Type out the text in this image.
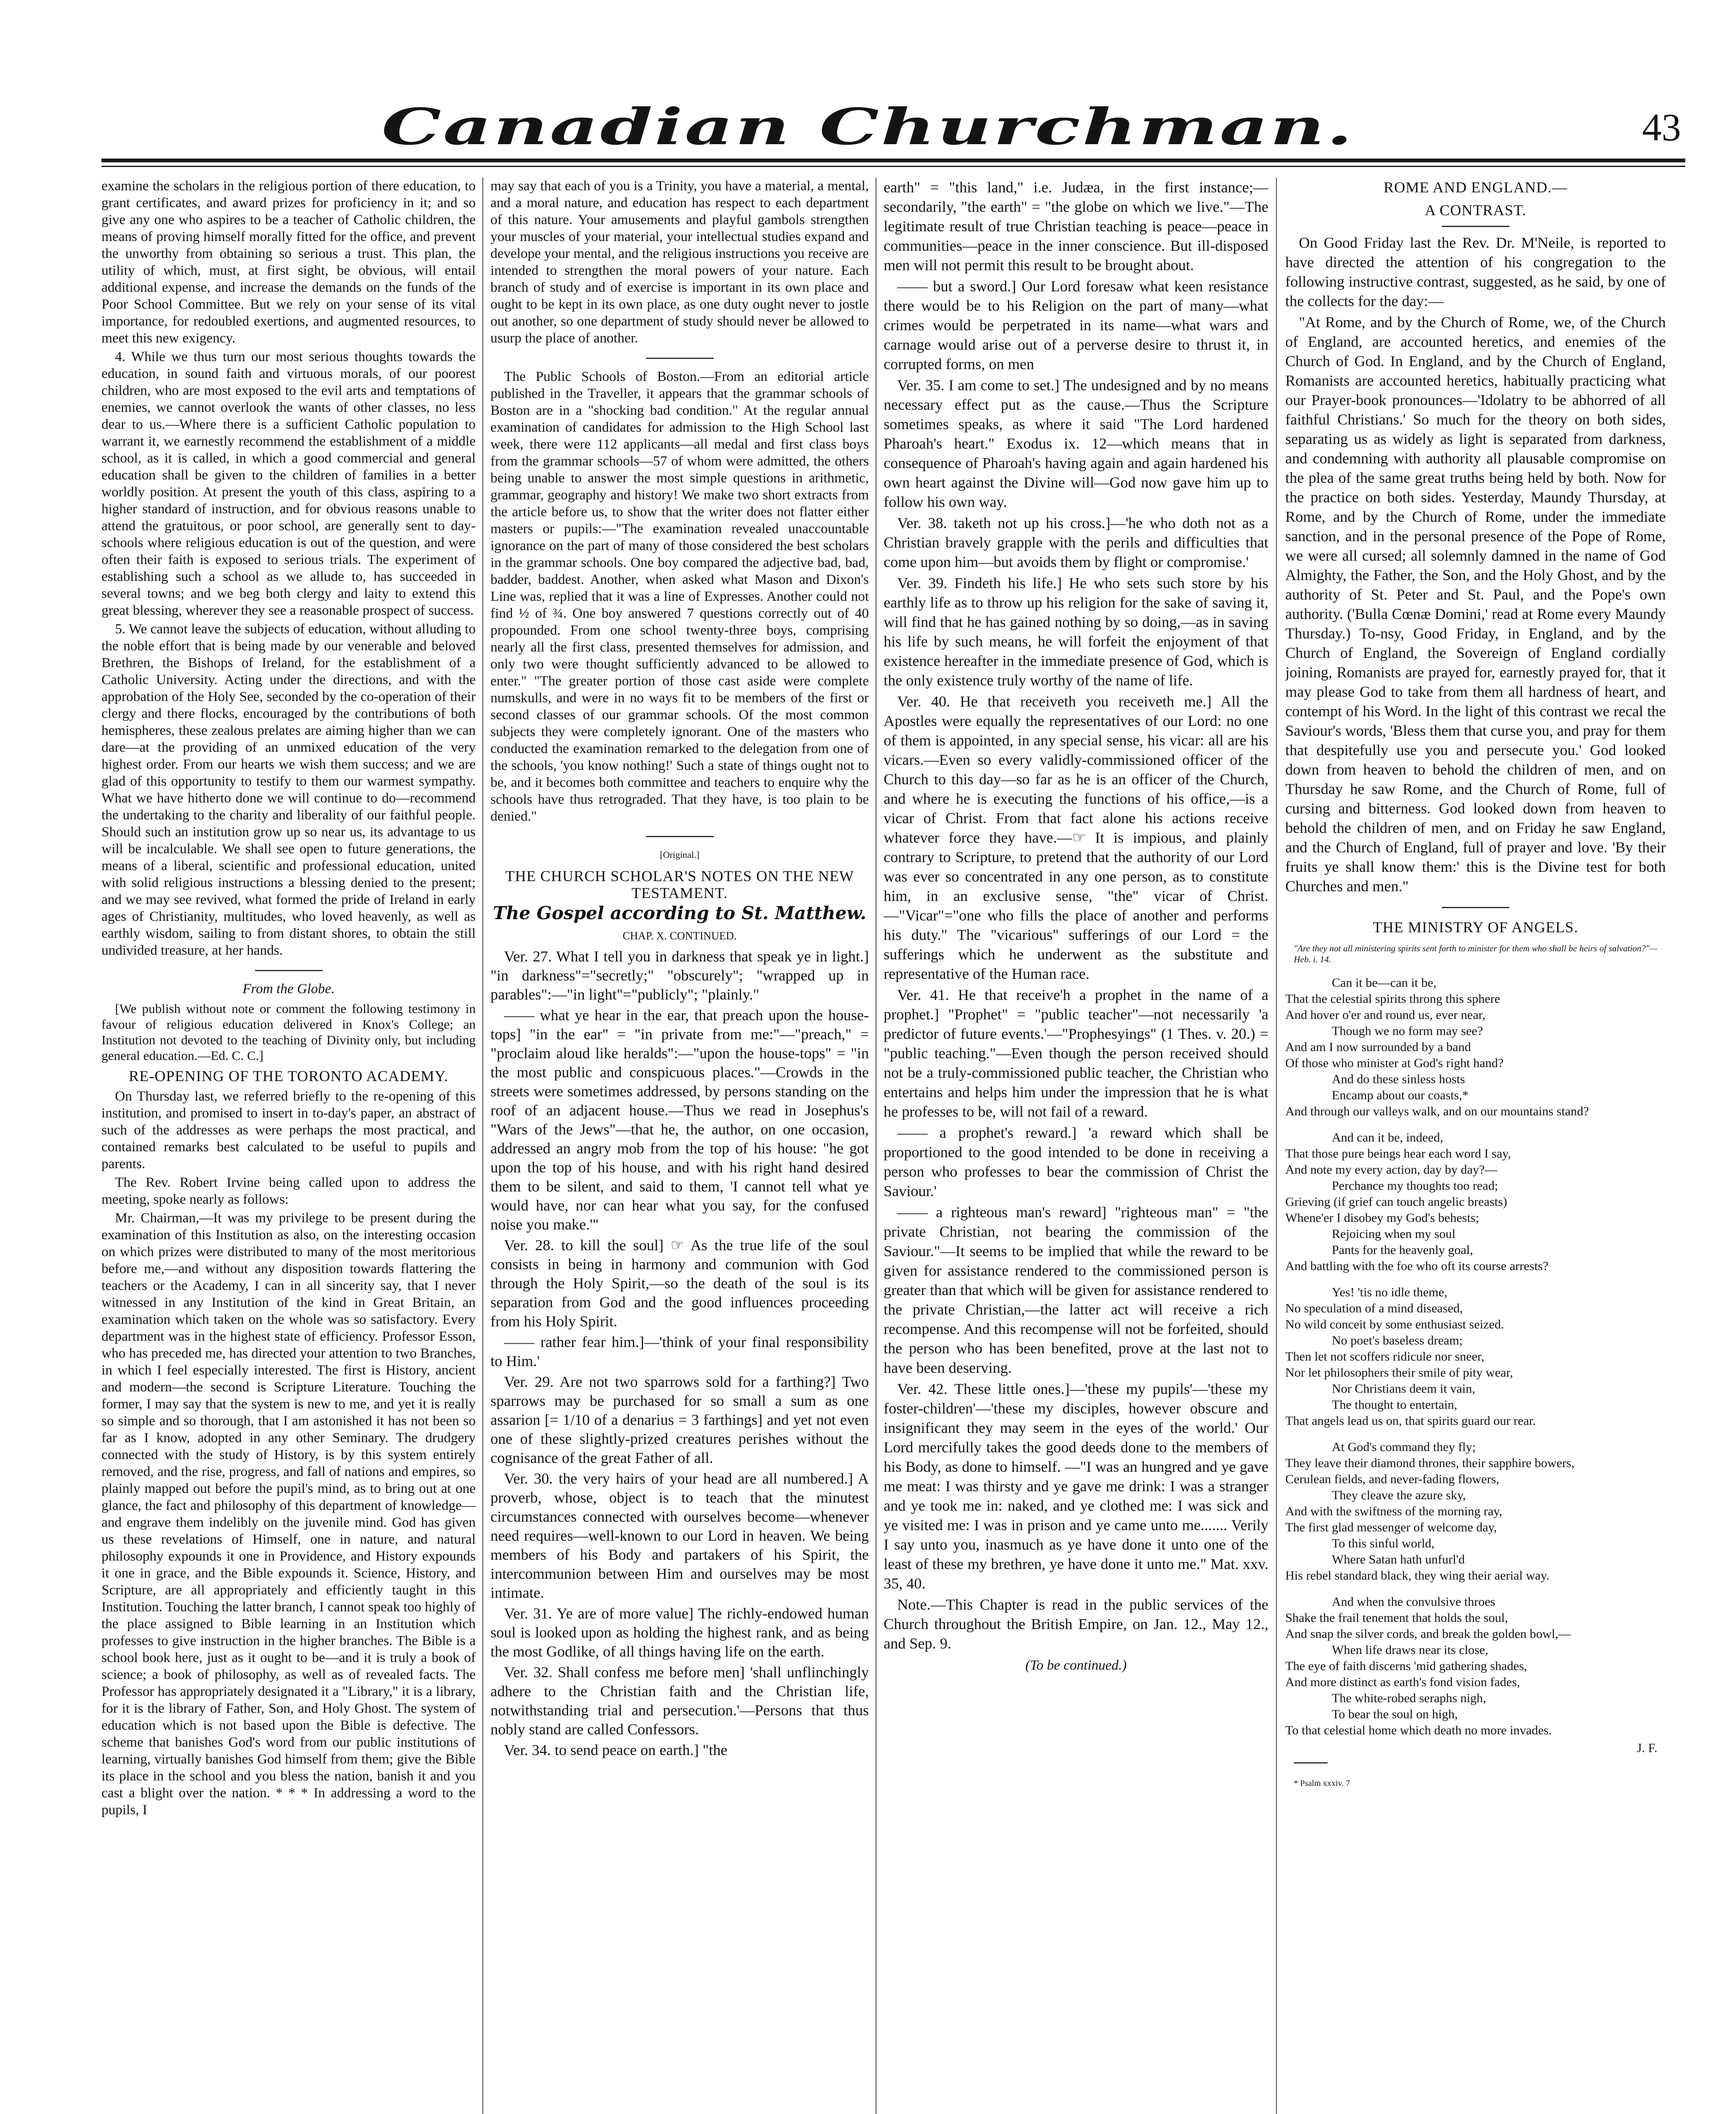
Canadian Churchman.	43

examine the scholars in the religious portion of there education, to grant certificates, and award prizes for proficiency in it; and so give any one who aspires to be a teacher of Catholic children, the means of proving himself morally fitted for the office, and prevent the unworthy from obtaining so serious a trust. This plan, the utility of which, must, at first sight, be obvious, will entail additional expense, and increase the demands on the funds of the Poor School Committee. But we rely on your sense of its vital importance, for redoubled exertions, and augmented resources, to meet this new exigency.

4. While we thus turn our most serious thoughts towards the education, in sound faith and virtuous morals, of our poorest children, who are most exposed to the evil arts and temptations of enemies, we cannot overlook the wants of other classes, no less dear to us.—Where there is a sufficient Catholic population to warrant it, we earnestly recommend the establishment of a middle school, as it is called, in which a good commercial and general education shall be given to the children of families in a better worldly position. At present the youth of this class, aspiring to a higher standard of instruction, and for obvious reasons unable to attend the gratuitous, or poor school, are generally sent to day-schools where religious education is out of the question, and were often their faith is exposed to serious trials. The experiment of establishing such a school as we allude to, has succeeded in several towns; and we beg both clergy and laity to extend this great blessing, wherever they see a reasonable prospect of success.

5. We cannot leave the subjects of education, without alluding to the noble effort that is being made by our venerable and beloved Brethren, the Bishops of Ireland, for the establishment of a Catholic University. Acting under the directions, and with the approbation of the Holy See, seconded by the co-operation of their clergy and there flocks, encouraged by the contributions of both hemispheres, these zealous prelates are aiming higher than we can dare—at the providing of an unmixed education of the very highest order. From our hearts we wish them success; and we are glad of this opportunity to testify to them our warmest sympathy. What we have hitherto done we will continue to do—recommend the undertaking to the charity and liberality of our faithful people. Should such an institution grow up so near us, its advantage to us will be incalculable. We shall see open to future generations, the means of a liberal, scientific and professional education, united with solid religious instructions a blessing denied to the present; and we may see revived, what formed the pride of Ireland in early ages of Christianity, multitudes, who loved heavenly, as well as earthly wisdom, sailing to from distant shores, to obtain the still undivided treasure, at her hands.

From the Globe.

[We publish without note or comment the following testimony in favour of religious education delivered in Knox's College; an Institution not devoted to the teaching of Divinity only, but including general education.—Ed. C. C.]

RE-OPENING OF THE TORONTO ACADEMY.

On Thursday last, we referred briefly to the re-opening of this institution, and promised to insert in to-day's paper, an abstract of such of the addresses as were perhaps the most practical, and contained remarks best calculated to be useful to pupils and parents.

The Rev. Robert Irvine being called upon to address the meeting, spoke nearly as follows:

Mr. Chairman,—It was my privilege to be present during the examination of this Institution as also, on the interesting occasion on which prizes were distributed to many of the most meritorious before me,—and without any disposition towards flattering the teachers or the Academy, I can in all sincerity say, that I never witnessed in any Institution of the kind in Great Britain, an examination which taken on the whole was so satisfactory. Every department was in the highest state of efficiency. Professor Esson, who has preceded me, has directed your attention to two Branches, in which I feel especially interested. The first is History, ancient and modern—the second is Scripture Literature. Touching the former, I may say that the system is new to me, and yet it is really so simple and so thorough, that I am astonished it has not been so far as I know, adopted in any other Seminary. The drudgery connected with the study of History, is by this system entirely removed, and the rise, progress, and fall of nations and empires, so plainly mapped out before the pupil's mind, as to bring out at one glance, the fact and philosophy of this department of knowledge—and engrave them indelibly on the juvenile mind. God has given us these revelations of Himself, one in nature, and natural philosophy expounds it one in Providence, and History expounds it one in grace, and the Bible expounds it. Science, History, and Scripture, are all appropriately and efficiently taught in this Institution. Touching the latter branch, I cannot speak too highly of the place assigned to Bible learning in an Institution which professes to give instruction in the higher branches. The Bible is a school book here, just as it ought to be—and it is truly a book of science; a book of philosophy, as well as of revealed facts. The Professor has appropriately designated it a "Library," it is a library, for it is the library of Father, Son, and Holy Ghost. The system of education which is not based upon the Bible is defective. The scheme that banishes God's word from our public institutions of learning, virtually banishes God himself from them; give the Bible its place in the school and you bless the nation, banish it and you cast a blight over the nation. * * * In addressing a word to the pupils, I

may say that each of you is a Trinity, you have a material, a mental, and a moral nature, and education has respect to each department of this nature. Your amusements and playful gambols strengthen your muscles of your material, your intellectual studies expand and develope your mental, and the religious instructions you receive are intended to strengthen the moral powers of your nature. Each branch of study and of exercise is important in its own place and ought to be kept in its own place, as one duty ought never to jostle out another, so one department of study should never be allowed to usurp the place of another.

The Public Schools of Boston.—From an editorial article published in the Traveller, it appears that the grammar schools of Boston are in a "shocking bad condition." At the regular annual examination of candidates for admission to the High School last week, there were 112 applicants—all medal and first class boys from the grammar schools—57 of whom were admitted, the others being unable to answer the most simple questions in arithmetic, grammar, geography and history! We make two short extracts from the article before us, to show that the writer does not flatter either masters or pupils:—"The examination revealed unaccountable ignorance on the part of many of those considered the best scholars in the grammar schools. One boy compared the adjective bad, bad, badder, baddest. Another, when asked what Mason and Dixon's Line was, replied that it was a line of Expresses. Another could not find ½ of ¾. One boy answered 7 questions correctly out of 40 propounded. From one school twenty-three boys, comprising nearly all the first class, presented themselves for admission, and only two were thought sufficiently advanced to be allowed to enter." "The greater portion of those cast aside were complete numskulls, and were in no ways fit to be members of the first or second classes of our grammar schools. Of the most common subjects they were completely ignorant. One of the masters who conducted the examination remarked to the delegation from one of the schools, 'you know nothing!' Such a state of things ought not to be, and it becomes both committee and teachers to enquire why the schools have thus retrograded. That they have, is too plain to be denied."

[Original.]
THE CHURCH SCHOLAR'S NOTES ON THE NEW TESTAMENT.
The Gospel according to St. Matthew.
CHAP. X. CONTINUED.

Ver. 27. What I tell you in darkness that speak ye in light.] "in darkness"="secretly;" "obscurely"; "wrapped up in parables":—"in light"="publicly"; "plainly."

—— what ye hear in the ear, that preach upon the house-tops] "in the ear" = "in private from me:"—"preach," = "proclaim aloud like heralds":—"upon the house-tops" = "in the most public and conspicuous places."—Crowds in the streets were sometimes addressed, by persons standing on the roof of an adjacent house.—Thus we read in Josephus's "Wars of the Jews"—that he, the author, on one occasion, addressed an angry mob from the top of his house: "he got upon the top of his house, and with his right hand desired them to be silent, and said to them, 'I cannot tell what ye would have, nor can hear what you say, for the confused noise you make.'"

Ver. 28. to kill the soul] ☞ As the true life of the soul consists in being in harmony and communion with God through the Holy Spirit,—so the death of the soul is its separation from God and the good influences proceeding from his Holy Spirit.

—— rather fear him.]—'think of your final responsibility to Him.'

Ver. 29. Are not two sparrows sold for a farthing?] Two sparrows may be purchased for so small a sum as one assarion [= 1/10 of a denarius = 3 farthings] and yet not even one of these slightly-prized creatures perishes without the cognisance of the great Father of all.

Ver. 30. the very hairs of your head are all numbered.] A proverb, whose, object is to teach that the minutest circumstances connected with ourselves become—whenever need requires—well-known to our Lord in heaven. We being members of his Body and partakers of his Spirit, the intercommunion between Him and ourselves may be most intimate.

Ver. 31. Ye are of more value] The richly-endowed human soul is looked upon as holding the highest rank, and as being the most Godlike, of all things having life on the earth.

Ver. 32. Shall confess me before men] 'shall unflinchingly adhere to the Christian faith and the Christian life, notwithstanding trial and persecution.'—Persons that thus nobly stand are called Confessors.

Ver. 34. to send peace on earth.] "the

earth" = "this land," i.e. Judæa, in the first instance;—secondarily, "the earth" = "the globe on which we live."—The legitimate result of true Christian teaching is peace—peace in communities—peace in the inner conscience. But ill-disposed men will not permit this result to be brought about.

—— but a sword.] Our Lord foresaw what keen resistance there would be to his Religion on the part of many—what crimes would be perpetrated in its name—what wars and carnage would arise out of a perverse desire to thrust it, in corrupted forms, on men

Ver. 35. I am come to set.] The undesigned and by no means necessary effect put as the cause.—Thus the Scripture sometimes speaks, as where it said "The Lord hardened Pharoah's heart." Exodus ix. 12—which means that in consequence of Pharoah's having again and again hardened his own heart against the Divine will—God now gave him up to follow his own way.

Ver. 38. taketh not up his cross.]—'he who doth not as a Christian bravely grapple with the perils and difficulties that come upon him—but avoids them by flight or compromise.'

Ver. 39. Findeth his life.] He who sets such store by his earthly life as to throw up his religion for the sake of saving it, will find that he has gained nothing by so doing,—as in saving his life by such means, he will forfeit the enjoyment of that existence hereafter in the immediate presence of God, which is the only existence truly worthy of the name of life.

Ver. 40. He that receiveth you receiveth me.] All the Apostles were equally the representatives of our Lord: no one of them is appointed, in any special sense, his vicar: all are his vicars.—Even so every validly-commissioned officer of the Church to this day—so far as he is an officer of the Church, and where he is executing the functions of his office,—is a vicar of Christ. From that fact alone his actions receive whatever force they have.—☞ It is impious, and plainly contrary to Scripture, to pretend that the authority of our Lord was ever so concentrated in any one person, as to constitute him, in an exclusive sense, "the" vicar of Christ.—"Vicar"="one who fills the place of another and performs his duty." The "vicarious" sufferings of our Lord = the sufferings which he underwent as the substitute and representative of the Human race.

Ver. 41. He that receive'h a prophet in the name of a prophet.] "Prophet" = "public teacher"—not necessarily 'a predictor of future events.'—"Prophesyings" (1 Thes. v. 20.) = "public teaching."—Even though the person received should not be a truly-commissioned public teacher, the Christian who entertains and helps him under the impression that he is what he professes to be, will not fail of a reward.

—— a prophet's reward.] 'a reward which shall be proportioned to the good intended to be done in receiving a person who professes to bear the commission of Christ the Saviour.'

—— a righteous man's reward] "righteous man" = "the private Christian, not bearing the commission of the Saviour."—It seems to be implied that while the reward to be given for assistance rendered to the commissioned person is greater than that which will be given for assistance rendered to the private Christian,—the latter act will receive a rich recompense. And this recompense will not be forfeited, should the person who has been benefited, prove at the last not to have been deserving.

Ver. 42. These little ones.]—'these my pupils'—'these my foster-children'—'these my disciples, however obscure and insignificant they may seem in the eyes of the world.' Our Lord mercifully takes the good deeds done to the members of his Body, as done to himself. —"I was an hungred and ye gave me meat: I was thirsty and ye gave me drink: I was a stranger and ye took me in: naked, and ye clothed me: I was sick and ye visited me: I was in prison and ye came unto me....... Verily I say unto you, inasmuch as ye have done it unto one of the least of these my brethren, ye have done it unto me." Mat. xxv. 35, 40.

Note.—This Chapter is read in the public services of the Church throughout the British Empire, on Jan. 12., May 12., and Sep. 9.

(To be continued.)
ROME AND ENGLAND.—
A CONTRAST.

On Good Friday last the Rev. Dr. M'Neile, is reported to have directed the attention of his congregation to the following instructive contrast, suggested, as he said, by one of the collects for the day:—

"At Rome, and by the Church of Rome, we, of the Church of England, are accounted heretics, and enemies of the Church of God. In England, and by the Church of England, Romanists are accounted heretics, habitually practicing what our Prayer-book pronounces—'Idolatry to be abhorred of all faithful Christians.' So much for the theory on both sides, separating us as widely as light is separated from darkness, and condemning with authority all plausable compromise on the plea of the same great truths being held by both. Now for the practice on both sides. Yesterday, Maundy Thursday, at Rome, and by the Church of Rome, under the immediate sanction, and in the personal presence of the Pope of Rome, we were all cursed; all solemnly damned in the name of God Almighty, the Father, the Son, and the Holy Ghost, and by the authority of St. Peter and St. Paul, and the Pope's own authority. ('Bulla Cœnæ Domini,' read at Rome every Maundy Thursday.) To-nsy, Good Friday, in England, and by the Church of England, the Sovereign of England cordially joining, Romanists are prayed for, earnestly prayed for, that it may please God to take from them all hardness of heart, and contempt of his Word. In the light of this contrast we recal the Saviour's words, 'Bless them that curse you, and pray for them that despitefully use you and persecute you.' God looked down from heaven to behold the children of men, and on Thursday he saw Rome, and the Church of Rome, full of cursing and bitterness. God looked down from heaven to behold the children of men, and on Friday he saw England, and the Church of England, full of prayer and love. 'By their fruits ye shall know them:' this is the Divine test for both Churches and men."

THE MINISTRY OF ANGELS.

"Are they not all ministering spirits sent forth to minister for them who shall be heirs of salvation?"—Heb. i. 14.

Can it be—can it be,

That the celestial spirits throng this sphere

And hover o'er and round us, ever near,

Though we no form may see?

And am I now surrounded by a band

Of those who minister at God's right hand?

And do these sinless hosts

Encamp about our coasts,*

And through our valleys walk, and on our mountains stand?

And can it be, indeed,

That those pure beings hear each word I say,

And note my every action, day by day?—

Perchance my thoughts too read;

Grieving (if grief can touch angelic breasts)

Whene'er I disobey my God's behests;

Rejoicing when my soul

Pants for the heavenly goal,

And battling with the foe who oft its course arrests?

Yes! 'tis no idle theme,

No speculation of a mind diseased,

No wild conceit by some enthusiast seized.

No poet's baseless dream;

Then let not scoffers ridicule nor sneer,

Nor let philosophers their smile of pity wear,

Nor Christians deem it vain,

The thought to entertain,

That angels lead us on, that spirits guard our rear.

At God's command they fly;

They leave their diamond thrones, their sapphire bowers,

Cerulean fields, and never-fading flowers,

They cleave the azure sky,

And with the swiftness of the morning ray,

The first glad messenger of welcome day,

To this sinful world,

Where Satan hath unfurl'd

His rebel standard black, they wing their aerial way.

And when the convulsive throes

Shake the frail tenement that holds the soul,

And snap the silver cords, and break the golden bowl,—

When life draws near its close,

The eye of faith discerns 'mid gathering shades,

And more distinct as earth's fond vision fades,

The white-robed seraphs nigh,

To bear the soul on high,

To that celestial home which death no more invades.

J. F.

* Psalm xxxiv. 7
